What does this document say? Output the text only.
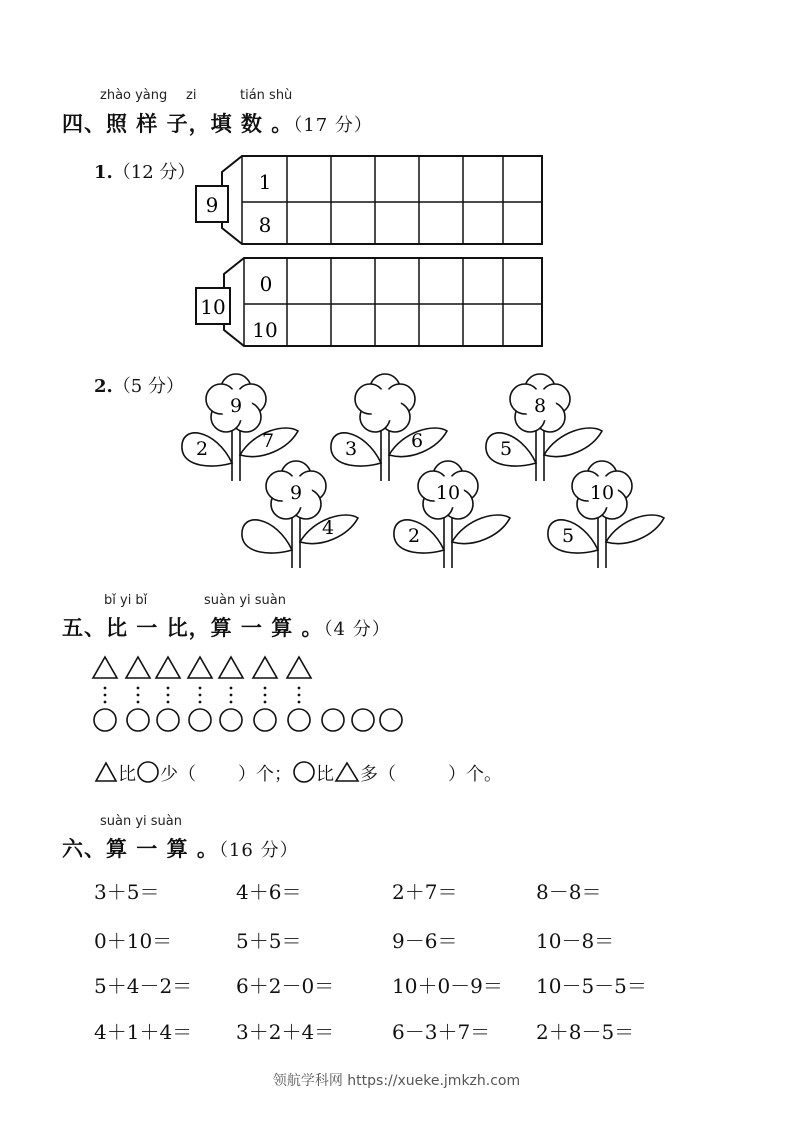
zhào yàng zi	tián shù
四、照 样 子，填 数 。（17 分）
1.（12 分）
9
1
8
10
0
10
2.（5 分）
9
2	7	3	6
8
5
9
4
10
2
10
5
bǐ yi bǐ	suàn yi suàn
五、比 一 比，算 一 算 。（4 分）
比 少（ ）个； 比 多（	）个。
suàn yi suàn
六、算 一 算 。（16 分）
3＋5＝	4＋6＝	2＋7＝	8－8＝
0＋10＝	5＋5＝	9－6＝	10－8＝
5＋4－2＝ 6＋2－0＝	10＋0－9＝ 10－5－5＝
4＋1＋4＝ 3＋2＋4＝	6－3＋7＝ 2＋8－5＝
领航学科网 https://xueke.jmkzh.com
